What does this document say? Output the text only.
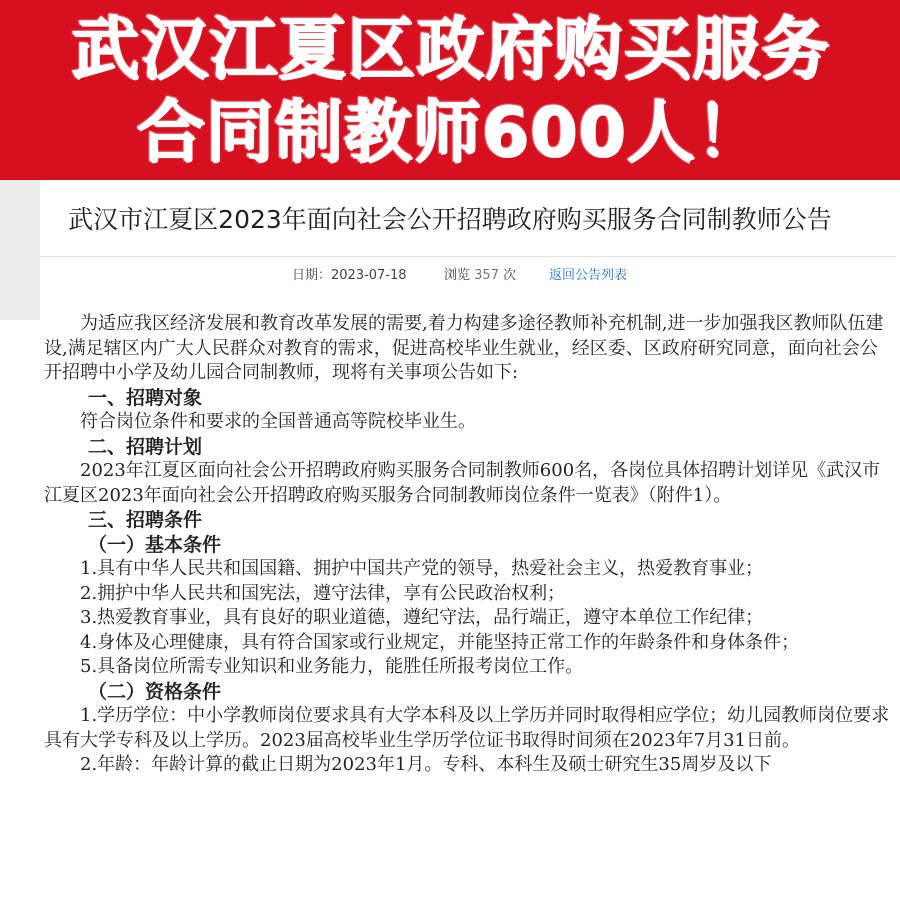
武汉江夏区政府购买服务
合同制教师600人！
武汉市江夏区2023年面向社会公开招聘政府购买服务合同制教师公告
日期：2023-07-18	浏览 357 次	返回公告列表

为适应我区经济发展和教育改革发展的需要,着力构建多途径教师补充机制,进一步加强我区教师队伍建设,满足辖区内广大人民群众对教育的需求，促进高校毕业生就业，经区委、区政府研究同意，面向社会公开招聘中小学及幼儿园合同制教师，现将有关事项公告如下:

一、招聘对象

符合岗位条件和要求的全国普通高等院校毕业生。

二、招聘计划

2023年江夏区面向社会公开招聘政府购买服务合同制教师600名，各岗位具体招聘计划详见《武汉市江夏区2023年面向社会公开招聘政府购买服务合同制教师岗位条件一览表》（附件1）。

三、招聘条件

（一）基本条件

1.具有中华人民共和国国籍、拥护中国共产党的领导，热爱社会主义，热爱教育事业；

2.拥护中华人民共和国宪法，遵守法律，享有公民政治权利；

3.热爱教育事业，具有良好的职业道德，遵纪守法，品行端正，遵守本单位工作纪律；

4.身体及心理健康，具有符合国家或行业规定，并能坚持正常工作的年龄条件和身体条件；

5.具备岗位所需专业知识和业务能力，能胜任所报考岗位工作。

（二）资格条件

1.学历学位：中小学教师岗位要求具有大学本科及以上学历并同时取得相应学位；幼儿园教师岗位要求具有大学专科及以上学历。2023届高校毕业生学历学位证书取得时间须在2023年7月31日前。

2.年龄：年龄计算的截止日期为2023年1月。专科、本科生及硕士研究生35周岁及以下
